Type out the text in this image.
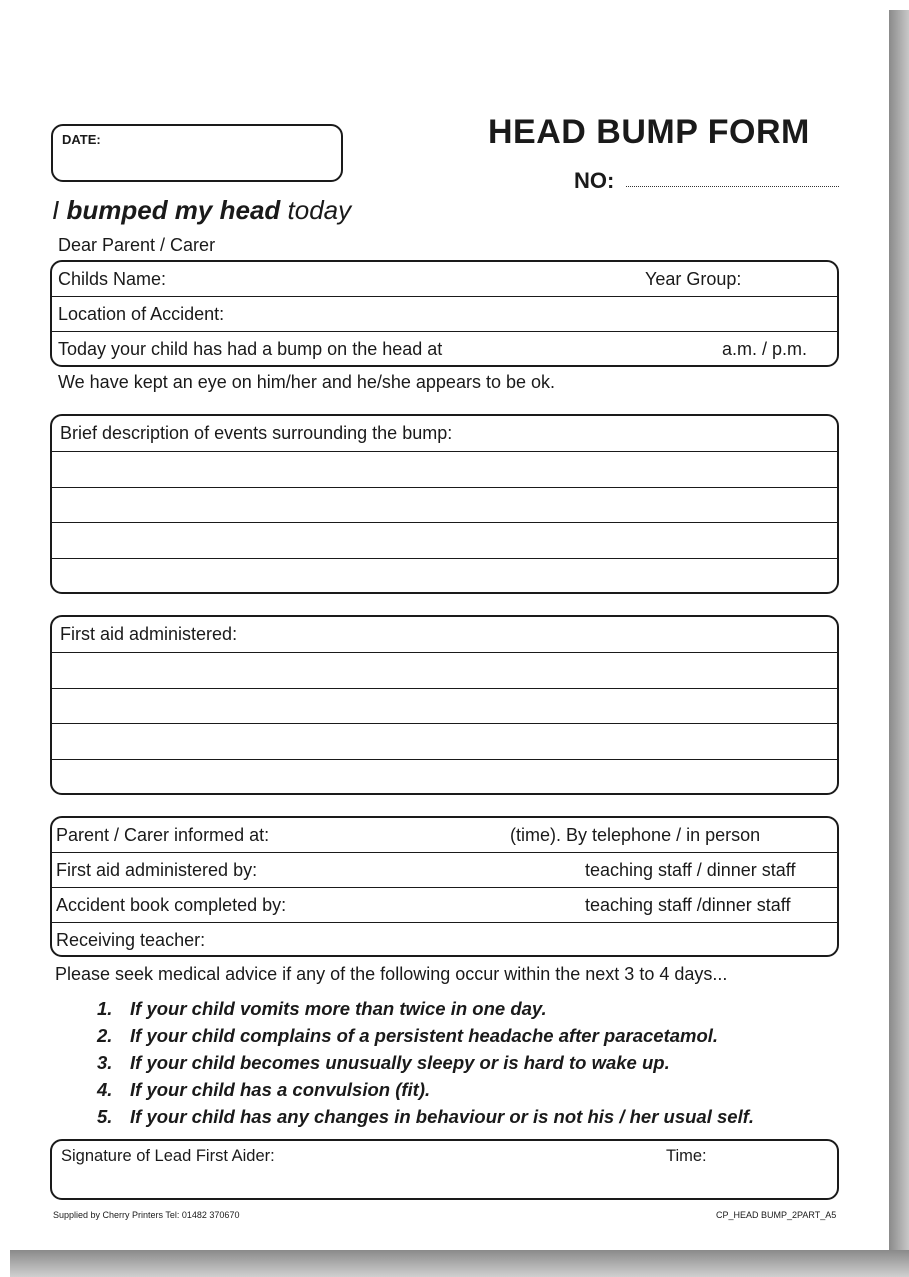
DATE:	HEAD BUMP FORM
NO:
I bumped my head today
Dear Parent / Carer
Childs Name:	Year Group:
Location of Accident:
Today your child has had a bump on the head at	a.m. / p.m.
We have kept an eye on him/her and he/she appears to be ok.
Brief description of events surrounding the bump:
First aid administered:
Parent / Carer informed at:	(time). By telephone / in person
First aid administered by:	teaching staff / dinner staff
Accident book completed by:	teaching staff /dinner staff
Receiving teacher:
Please seek medical advice if any of the following occur within the next 3 to 4 days...
1. If your child vomits more than twice in one day.
2. If your child complains of a persistent headache after paracetamol.
3. If your child becomes unusually sleepy or is hard to wake up.
4. If your child has a convulsion (fit).
5. If your child has any changes in behaviour or is not his / her usual self.
Signature of Lead First Aider:	Time:
Supplied by Cherry Printers Tel: 01482 370670	CP_HEAD BUMP_2PART_A5
